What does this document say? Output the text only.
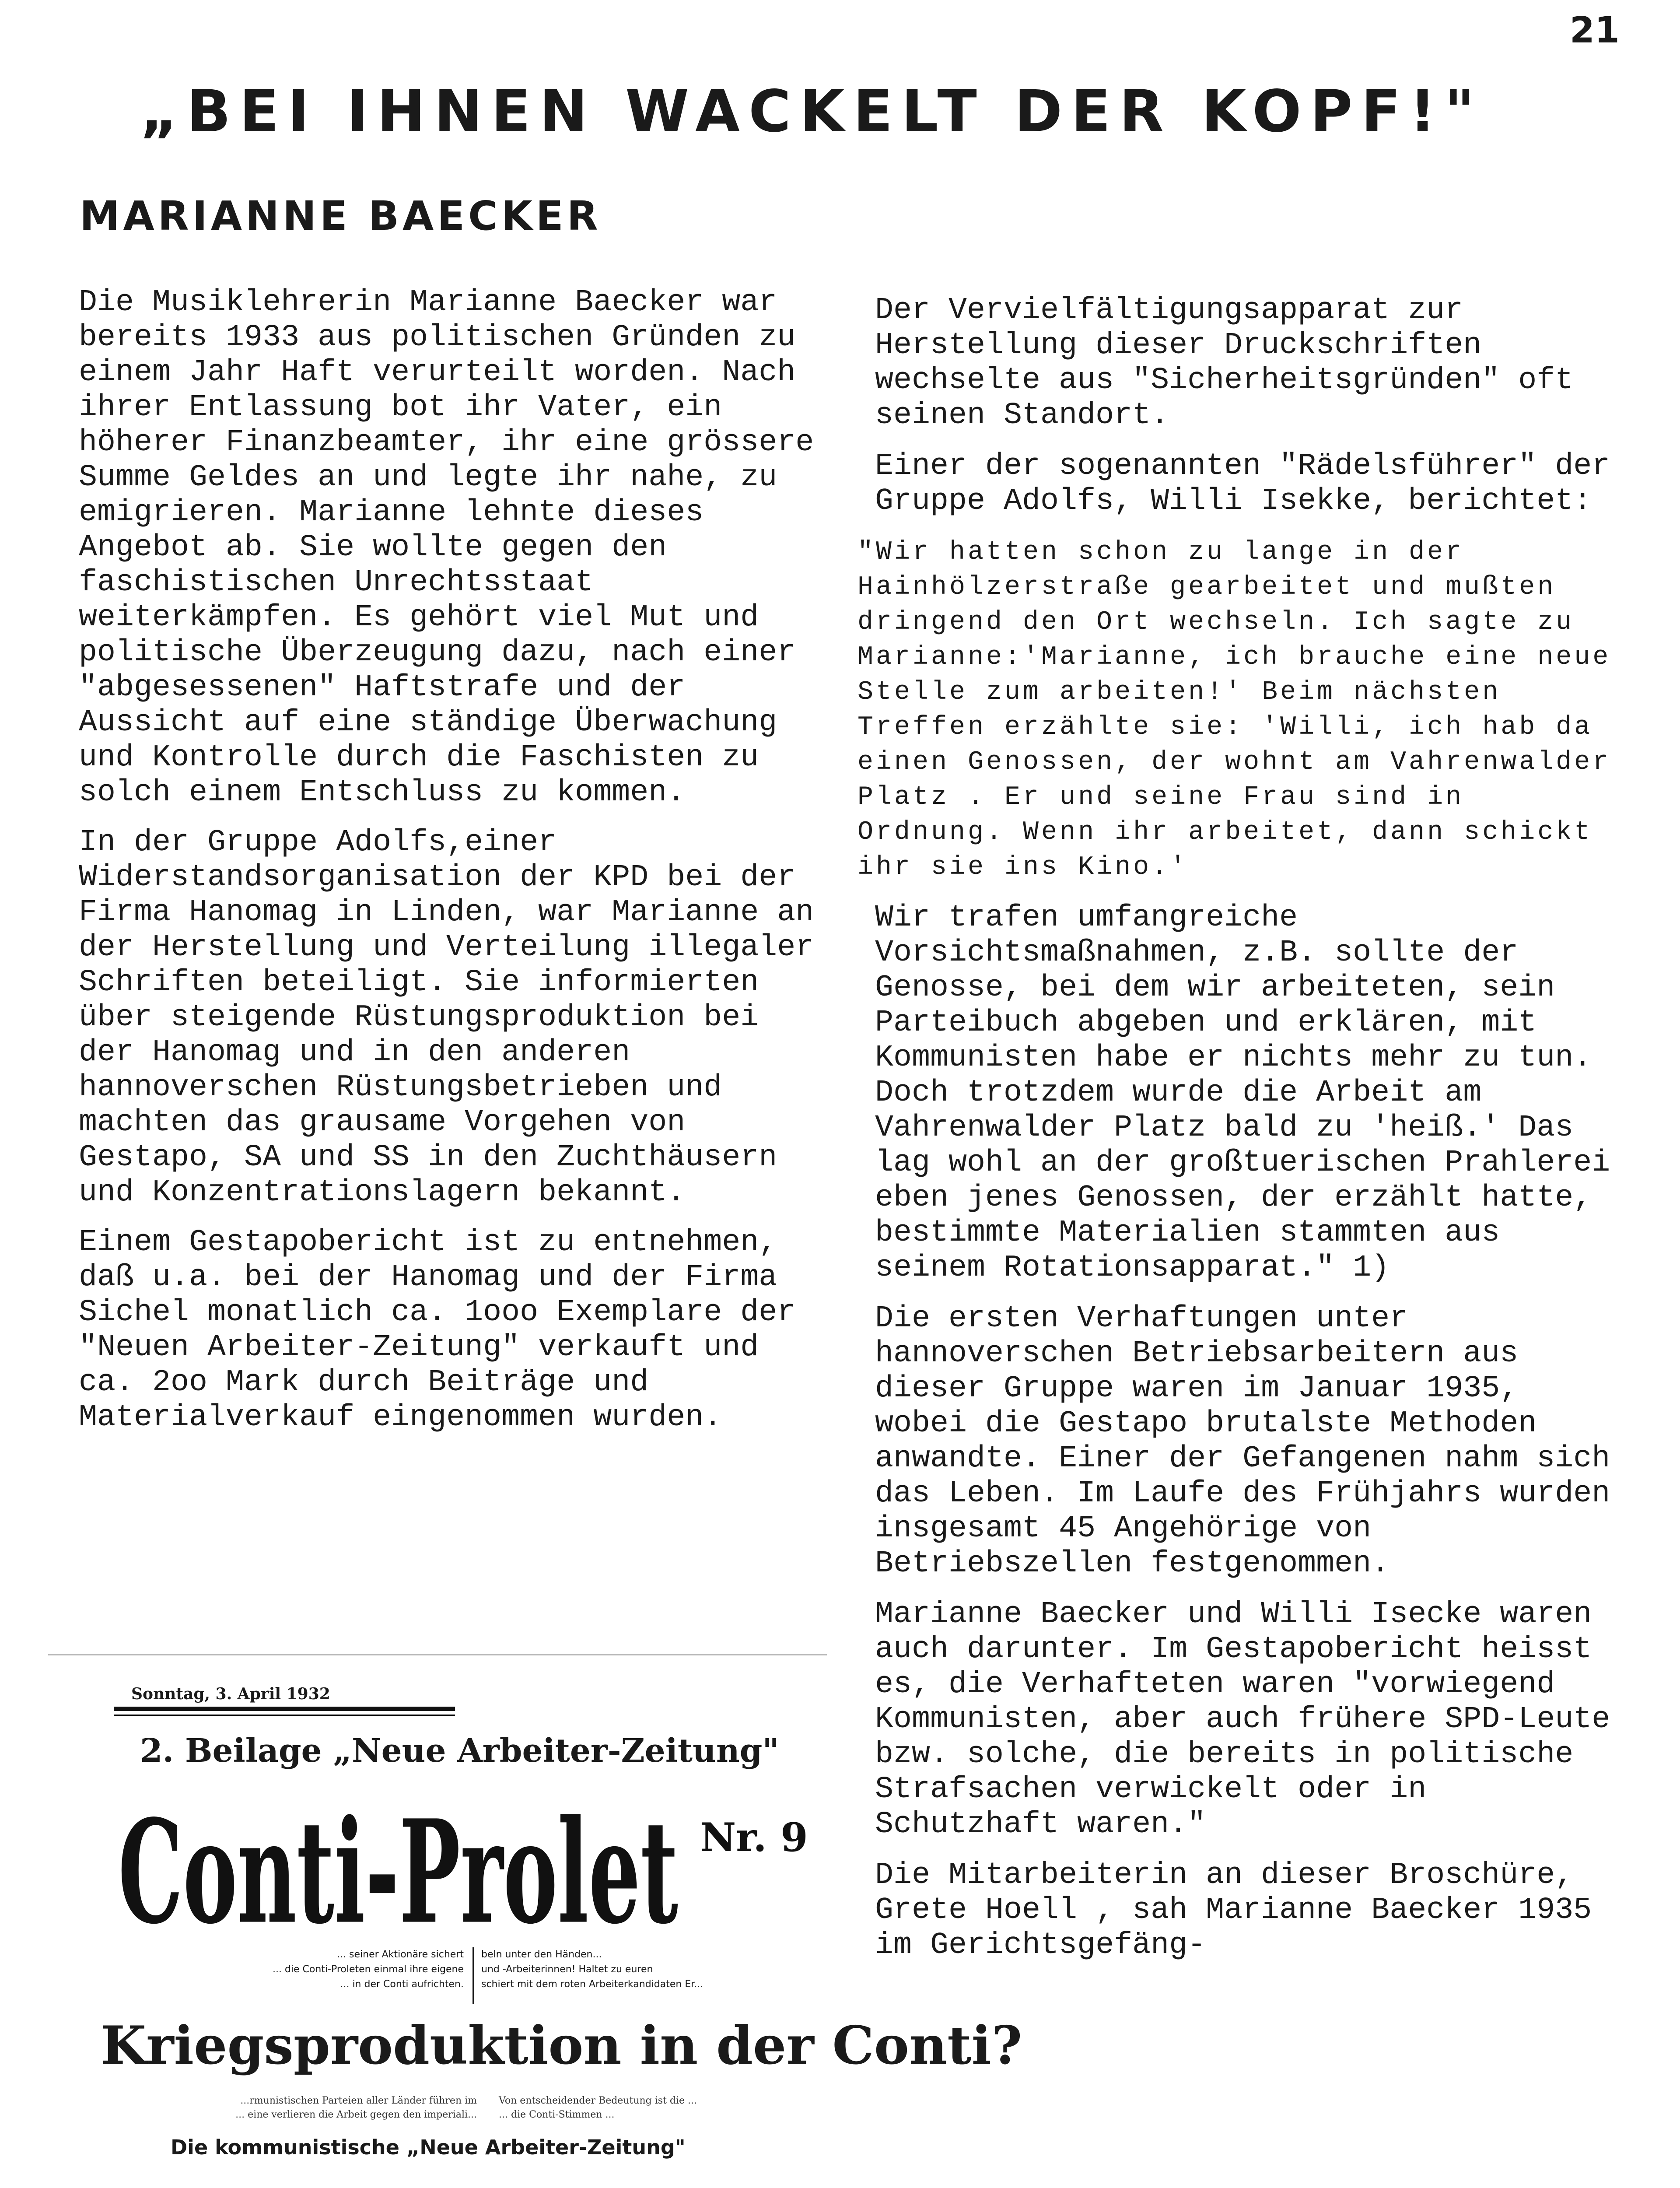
21
„BEI IHNEN WACKELT DER KOPF!"
MARIANNE BAECKER

Die Musiklehrerin Marianne Baecker war bereits 1933 aus politischen Gründen zu einem Jahr Haft verurteilt worden. Nach ihrer Entlassung bot ihr Vater, ein höherer Finanzbeamter, ihr eine grössere Summe Geldes an und legte ihr nahe, zu emigrieren. Marianne lehnte dieses Angebot ab. Sie wollte gegen den faschistischen Unrechtsstaat weiterkämpfen. Es gehört viel Mut und politische Überzeugung dazu, nach einer "abgesessenen" Haftstrafe und der Aussicht auf eine ständige Überwachung und Kontrolle durch die Faschisten zu solch einem Entschluss zu kommen.

In der Gruppe Adolfs,einer Widerstandsorganisation der KPD bei der Firma Hanomag in Linden, war Marianne an der Herstellung und Verteilung illegaler Schriften beteiligt. Sie informierten über steigende Rüstungsproduktion bei der Hanomag und in den anderen hannoverschen Rüstungsbetrieben und machten das grausame Vorgehen von Gestapo, SA und SS in den Zuchthäusern und Konzentrationslagern bekannt.

Einem Gestapobericht ist zu entnehmen, daß u.a. bei der Hanomag und der Firma Sichel monatlich ca. 1ooo Exemplare der "Neuen Arbeiter-Zeitung" verkauft und ca. 2oo Mark durch Beiträge und Materialverkauf eingenommen wurden.

Der Vervielfältigungsapparat zur Herstellung dieser Druckschriften wechselte aus "Sicherheitsgründen" oft seinen Standort.

Einer der sogenannten "Rädelsführer" der Gruppe Adolfs, Willi Isekke, berichtet:

"Wir hatten schon zu lange in der Hainhölzerstraße gearbeitet und mußten dringend den Ort wechseln. Ich sagte zu Marianne:'Marianne, ich brauche eine neue Stelle zum arbeiten!' Beim nächsten Treffen erzählte sie: 'Willi, ich hab da einen Genossen, der wohnt am Vahrenwalder Platz . Er und seine Frau sind in Ordnung. Wenn ihr arbeitet, dann schickt ihr sie ins Kino.'

Wir trafen umfangreiche Vorsichtsmaßnahmen, z.B. sollte der Genosse, bei dem wir arbeiteten, sein Parteibuch abgeben und erklären, mit Kommunisten habe er nichts mehr zu tun. Doch trotzdem wurde die Arbeit am Vahrenwalder Platz bald zu 'heiß.' Das lag wohl an der großtuerischen Prahlerei eben jenes Genossen, der erzählt hatte, bestimmte Materialien stammten aus seinem Rotationsapparat." 1)

Die ersten Verhaftungen unter hannoverschen Betriebsarbeitern aus dieser Gruppe waren im Januar 1935, wobei die Gestapo brutalste Methoden anwandte. Einer der Gefangenen nahm sich das Leben. Im Laufe des Frühjahrs wurden insgesamt 45 Angehörige von Betriebszellen festgenommen.

Marianne Baecker und Willi Isecke waren auch darunter. Im Gestapobericht heisst es, die Verhafteten waren "vorwiegend Kommunisten, aber auch frühere SPD-Leute bzw. solche, die bereits in politische Strafsachen verwickelt oder in Schutzhaft waren."

Die Mitarbeiterin an dieser Broschüre, Grete Hoell , sah Marianne Baecker 1935 im Gerichtsgefäng-

Sonntag, 3. April 1932
2. Beilage „Neue Arbeiter-Zeitung"
Conti-Prolet Nr. 9
... seiner Aktionäre sichert
... die Conti-Proleten einmal ihre eigene
... in der Conti aufrichten.
beln unter den Händen...
und -Arbeiterinnen! Haltet zu euren
schiert mit dem roten Arbeiterkandidaten Er...
Kriegsproduktion in der Conti?
...rmunistischen Parteien aller Länder führen im
... eine verlieren die Arbeit gegen den imperiali...
Von entscheidender Bedeutung ist die ...
... die Conti-Stimmen ...
Die kommunistische „Neue Arbeiter-Zeitung"
